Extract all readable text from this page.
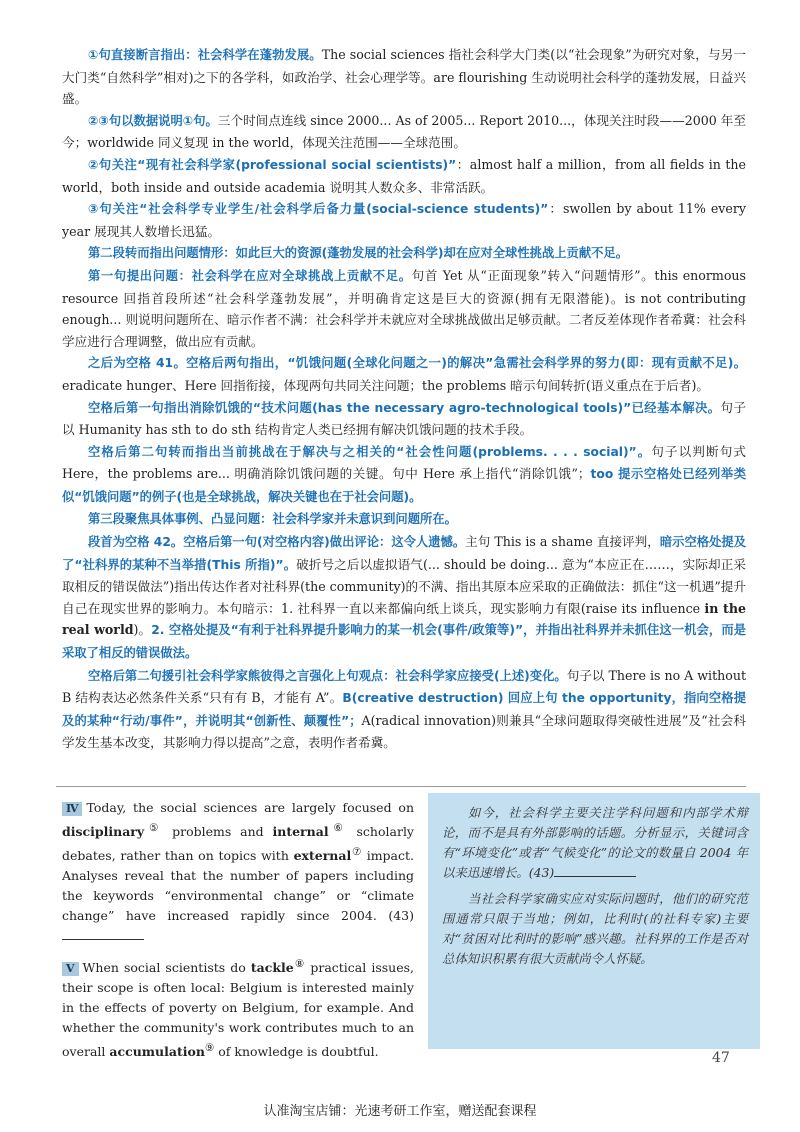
①句直接断言指出：社会科学在蓬勃发展。The social sciences 指社会科学大门类(以“社会现象”为研究对象，与另一大门类“自然科学”相对)之下的各学科，如政治学、社会心理学等。are flourishing 生动说明社会科学的蓬勃发展，日益兴盛。

②③句以数据说明①句。三个时间点连线 since 2000... As of 2005... Report 2010...，体现关注时段——2000 年至今；worldwide 同义复现 in the world，体现关注范围——全球范围。

②句关注“现有社会科学家(professional social scientists)”：almost half a million，from all fields in the world，both inside and outside academia 说明其人数众多、非常活跃。

③句关注“社会科学专业学生/社会科学后备力量(social-science students)”：swollen by about 11% every year 展现其人数增长迅猛。

第二段转而指出问题情形：如此巨大的资源(蓬勃发展的社会科学)却在应对全球性挑战上贡献不足。

第一句提出问题：社会科学在应对全球挑战上贡献不足。句首 Yet 从“正面现象”转入“问题情形”。this enormous resource 回指首段所述“社会科学蓬勃发展”，并明确肯定这是巨大的资源(拥有无限潜能)。is not contributing enough... 则说明问题所在、暗示作者不满：社会科学并未就应对全球挑战做出足够贡献。二者反差体现作者希冀：社会科学应进行合理调整，做出应有贡献。

之后为空格 41。空格后两句指出，“饥饿问题(全球化问题之一)的解决”急需社会科学界的努力(即：现有贡献不足)。eradicate hunger、Here 回指衔接，体现两句共同关注问题；the problems 暗示句间转折(语义重点在于后者)。

空格后第一句指出消除饥饿的“技术问题(has the necessary agro-technological tools)”已经基本解决。句子以 Humanity has sth to do sth 结构肯定人类已经拥有解决饥饿问题的技术手段。

空格后第二句转而指出当前挑战在于解决与之相关的“社会性问题(problems. . . . social)”。句子以判断句式 Here，the problems are... 明确消除饥饿问题的关键。句中 Here 承上指代“消除饥饿”；too 提示空格处已经列举类似“饥饿问题”的例子(也是全球挑战，解决关键也在于社会问题)。

第三段聚焦具体事例、凸显问题：社会科学家并未意识到问题所在。

段首为空格 42。空格后第一句(对空格内容)做出评论：这令人遗憾。主句 This is a shame 直接评判，暗示空格处提及了“社科界的某种不当举措(This 所指)”。破折号之后以虚拟语气(... should be doing... 意为“本应正在……，实际却正采取相反的错误做法”)指出传达作者对社科界(the community)的不满、指出其原本应采取的正确做法：抓住“这一机遇”提升自己在现实世界的影响力。本句暗示：1. 社科界一直以来都偏向纸上谈兵，现实影响力有限(raise its influence in the real world)。2. 空格处提及“有利于社科界提升影响力的某一机会(事件/政策等)”，并指出社科界并未抓住这一机会，而是采取了相反的错误做法。

空格后第二句援引社会科学家熊彼得之言强化上句观点：社会科学家应接受(上述)变化。句子以 There is no A without B 结构表达必然条件关系“只有有 B，才能有 A”。B(creative destruction) 回应上句 the opportunity，指向空格提及的某种“行动/事件”，并说明其“创新性、颠覆性”；A(radical innovation)则兼具“全球问题取得突破性进展”及“社会科学发生基本改变，其影响力得以提高”之意，表明作者希冀。

Ⅳ Today, the social sciences are largely focused on disciplinary⑤ problems and internal⑥ scholarly debates, rather than on topics with external⑦ impact. Analyses reveal that the number of papers including the keywords “environmental change” or “climate change” have increased rapidly since 2004. (43)

Ⅴ When social scientists do tackle⑧ practical issues, their scope is often local: Belgium is interested mainly in the effects of poverty on Belgium, for example. And whether the community's work contributes much to an overall accumulation⑨ of knowledge is doubtful.

如今，社会科学主要关注学科问题和内部学术辩论，而不是具有外部影响的话题。分析显示，关键词含有“环境变化”或者“气候变化”的论文的数量自 2004 年以来迅速增长。(43)

当社会科学家确实应对实际问题时，他们的研究范围通常只限于当地；例如，比利时(的社科专家)主要对“贫困对比利时的影响”感兴趣。社科界的工作是否对总体知识积累有很大贡献尚令人怀疑。

47
认准淘宝店铺：光速考研工作室，赠送配套课程
